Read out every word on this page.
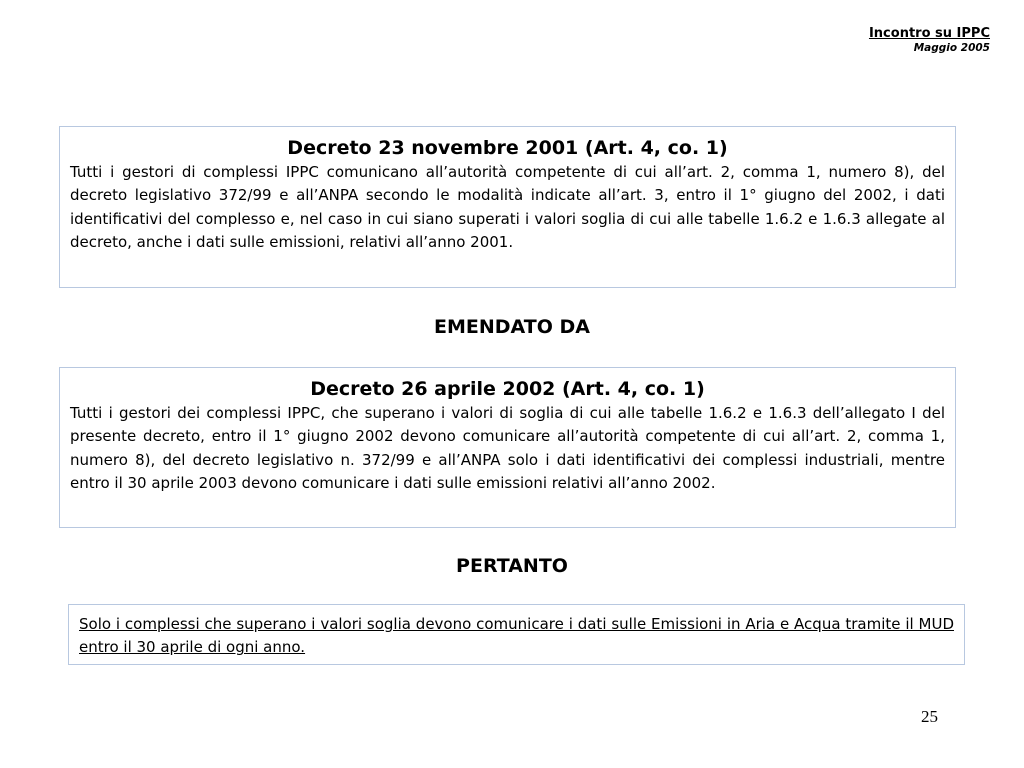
Incontro su IPPC
Maggio 2005
Decreto 23 novembre 2001 (Art. 4, co. 1)
Tutti i gestori di complessi IPPC comunicano all’autorità competente di cui all’art. 2, comma 1, numero 8), del decreto legislativo 372/99 e all’ANPA secondo le modalità indicate all’art. 3, entro il 1° giugno del 2002, i dati identificativi del complesso e, nel caso in cui siano superati i valori soglia di cui alle tabelle 1.6.2 e 1.6.3 allegate al decreto, anche i dati sulle emissioni, relativi all’anno 2001.
EMENDATO DA
Decreto 26 aprile 2002 (Art. 4, co. 1)
Tutti i gestori dei complessi IPPC, che superano i valori di soglia di cui alle tabelle 1.6.2 e 1.6.3 dell’allegato I del presente decreto, entro il 1° giugno 2002 devono comunicare all’autorità competente di cui all’art. 2, comma 1, numero 8), del decreto legislativo n. 372/99 e all’ANPA solo i dati identificativi dei complessi industriali, mentre entro il 30 aprile 2003 devono comunicare i dati sulle emissioni relativi all’anno 2002.
PERTANTO
Solo i complessi che superano i valori soglia devono comunicare i dati sulle Emissioni in Aria e Acqua tramite il MUD entro il 30 aprile di ogni anno.
25
